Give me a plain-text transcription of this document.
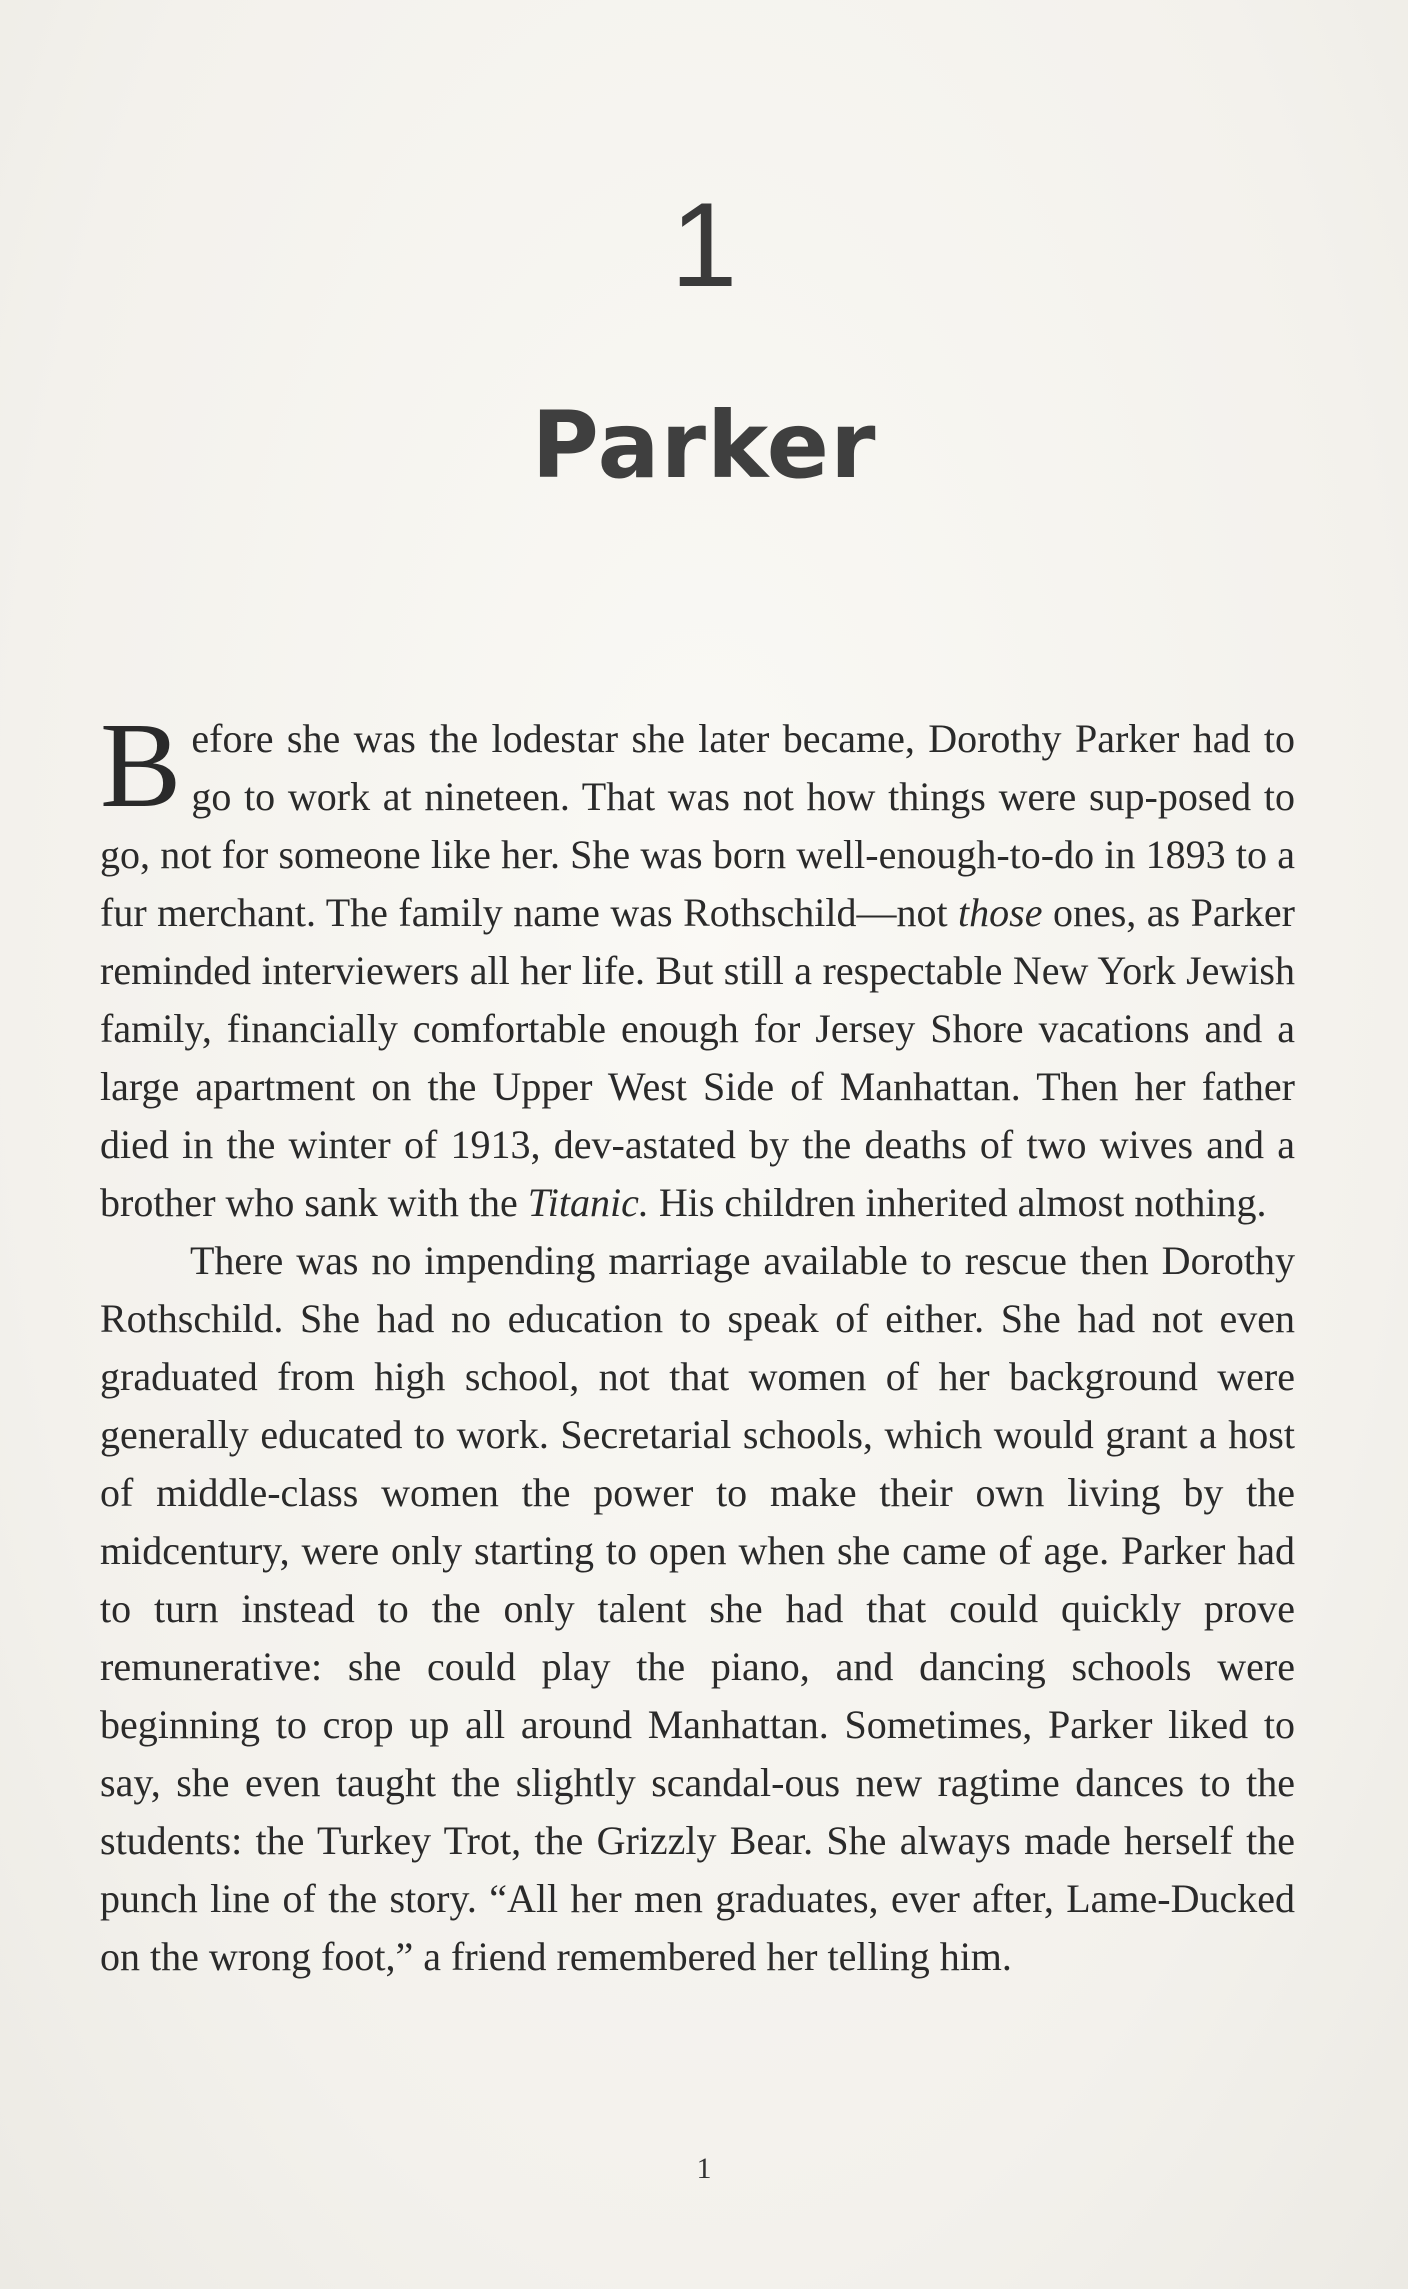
1
Parker

Before she was the lodestar she later became, Dorothy Parker had to go to work at nineteen. That was not how things were sup-posed to go, not for someone like her. She was born well-enough-to-do in 1893 to a fur merchant. The family name was Rothschild—not those ones, as Parker reminded interviewers all her life. But still a respectable New York Jewish family, financially comfortable enough for Jersey Shore vacations and a large apartment on the Upper West Side of Manhattan. Then her father died in the winter of 1913, dev-astated by the deaths of two wives and a brother who sank with the Titanic. His children inherited almost nothing.

There was no impending marriage available to rescue then Dorothy Rothschild. She had no education to speak of either. She had not even graduated from high school, not that women of her background were generally educated to work. Secretarial schools, which would grant a host of middle-class women the power to make their own living by the midcentury, were only starting to open when she came of age. Parker had to turn instead to the only talent she had that could quickly prove remunerative: she could play the piano, and dancing schools were beginning to crop up all around Manhattan. Sometimes, Parker liked to say, she even taught the slightly scandal-ous new ragtime dances to the students: the Turkey Trot, the Grizzly Bear. She always made herself the punch line of the story. “All her men graduates, ever after, Lame-Ducked on the wrong foot,” a friend remembered her telling him.

1
